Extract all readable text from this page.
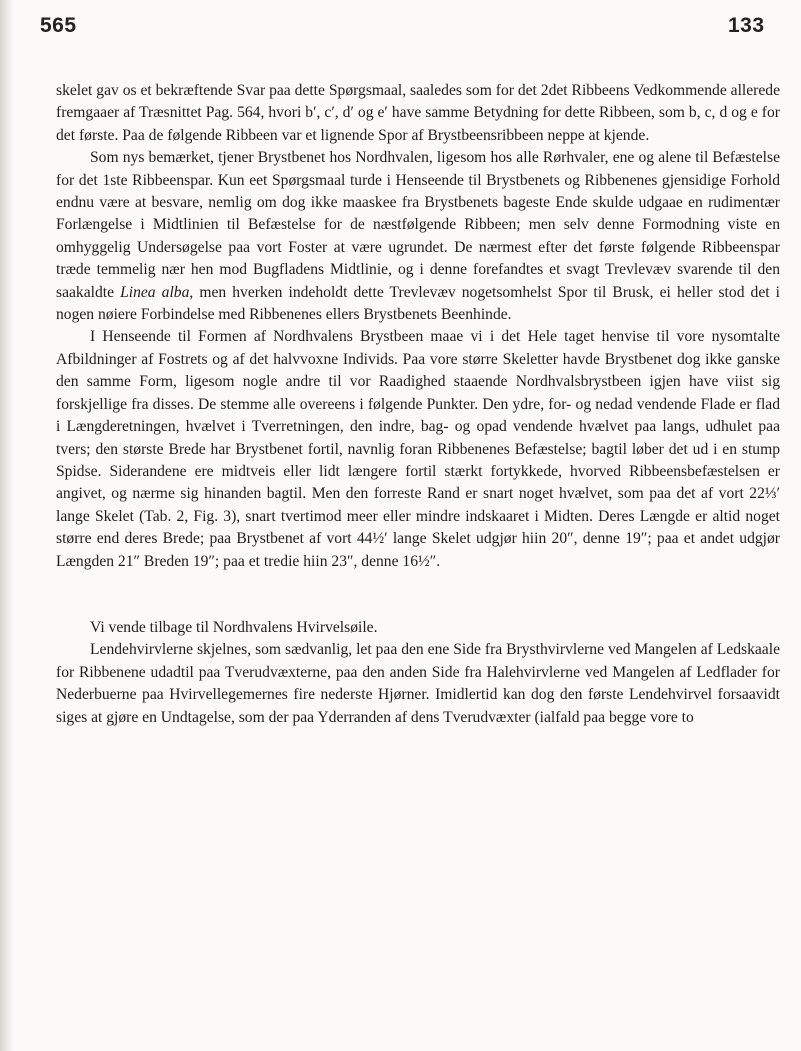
565	133

skelet gav os et bekræftende Svar paa dette Spørgsmaal, saaledes som for det 2det Ribbeens Vedkommende allerede fremgaaer af Træsnittet Pag. 564, hvori b′, c′, d′ og e′ have samme Betydning for dette Ribbeen, som b, c, d og e for det første. Paa de følgende Ribbeen var et lignende Spor af Brystbeensribbeen neppe at kjende.

Som nys bemærket, tjener Brystbenet hos Nordhvalen, ligesom hos alle Rørhvaler, ene og alene til Befæstelse for det 1ste Ribbeenspar. Kun eet Spørgsmaal turde i Henseende til Brystbenets og Ribbenenes gjensidige Forhold endnu være at besvare, nemlig om dog ikke maaskee fra Brystbenets bageste Ende skulde udgaae en rudimentær Forlængelse i Midtlinien til Befæstelse for de næstfølgende Ribbeen; men selv denne Formodning viste en omhyggelig Undersøgelse paa vort Foster at være ugrundet. De nærmest efter det første følgende Ribbeenspar træde temmelig nær hen mod Bugfladens Midtlinie, og i denne forefandtes et svagt Trevlevæv svarende til den saakaldte Linea alba, men hverken indeholdt dette Trevlevæv nogetsomhelst Spor til Brusk, ei heller stod det i nogen nøiere Forbindelse med Ribbenenes ellers Brystbenets Beenhinde.

I Henseende til Formen af Nordhvalens Brystbeen maae vi i det Hele taget henvise til vore nysomtalte Afbildninger af Fostrets og af det halvvoxne Individs. Paa vore større Skeletter havde Brystbenet dog ikke ganske den samme Form, ligesom nogle andre til vor Raadighed staaende Nordhvalsbrystbeen igjen have viist sig forskjellige fra disses. De stemme alle overeens i følgende Punkter. Den ydre, for- og nedad vendende Flade er flad i Længderetningen, hvælvet i Tverretningen, den indre, bag- og opad vendende hvælvet paa langs, udhulet paa tvers; den største Brede har Brystbenet fortil, navnlig foran Ribbenenes Befæstelse; bagtil løber det ud i en stump Spidse. Siderandene ere midtveis eller lidt længere fortil stærkt fortykkede, hvorved Ribbeensbefæstelsen er angivet, og nærme sig hinanden bagtil. Men den forreste Rand er snart noget hvælvet, som paa det af vort 22⅓′ lange Skelet (Tab. 2, Fig. 3), snart tvertimod meer eller mindre indskaaret i Midten. Deres Længde er altid noget større end deres Brede; paa Brystbenet af vort 44½′ lange Skelet udgjør hiin 20″, denne 19″; paa et andet udgjør Længden 21″ Breden 19″; paa et tredie hiin 23″, denne 16½″.

Vi vende tilbage til Nordhvalens Hvirvelsøile.

Lendehvirvlerne skjelnes, som sædvanlig, let paa den ene Side fra Brysthvirvlerne ved Mangelen af Ledskaale for Ribbenene udadtil paa Tverudvæxterne, paa den anden Side fra Halehvirvlerne ved Mangelen af Ledflader for Nederbuerne paa Hvirvellegemernes fire nederste Hjørner. Imidlertid kan dog den første Lendehvirvel forsaavidt siges at gjøre en Undtagelse, som der paa Yderranden af dens Tverudvæxter (ialfald paa begge vore to
